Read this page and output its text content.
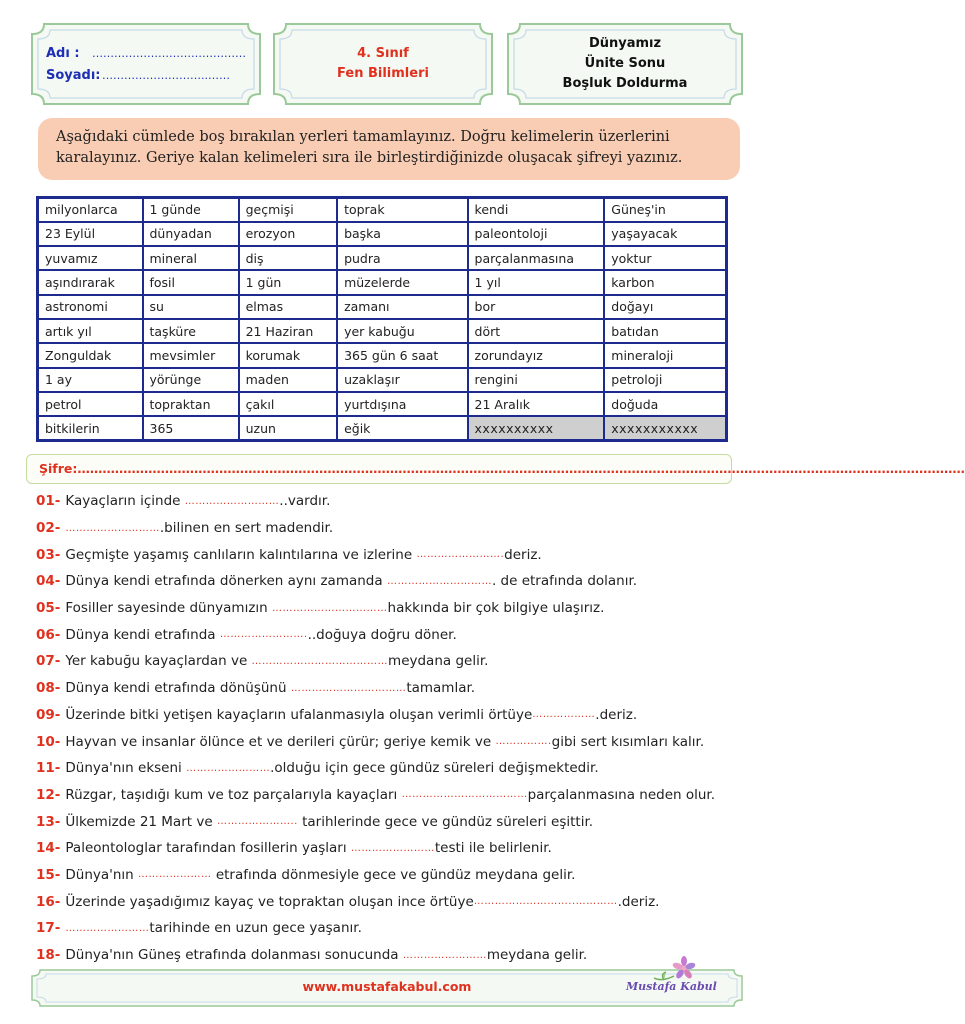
Adı :	……………………………………
Soyadı: ………………………..……
4. Sınıf
Fen Bilimleri
Dünyamız
Ünite Sonu
Boşluk Doldurma
Aşağıdaki cümlede boş bırakılan yerleri tamamlayınız. Doğru kelimelerin üzerlerini karalayınız. Geriye kalan kelimeleri sıra ile birleştirdiğinizde oluşacak şifreyi yazınız.
milyonlarca	1 günde	geçmişi	toprak	kendi	Güneş'in
23 Eylül	dünyadan	erozyon	başka	paleontoloji	yaşayacak
yuvamız	mineral	diş	pudra	parçalanmasına	yoktur
aşındırarak	fosil	1 gün	müzelerde	1 yıl	karbon
astronomi	su	elmas	zamanı	bor	doğayı
artık yıl	taşküre	21 Haziran	yer kabuğu	dört	batıdan
Zonguldak	mevsimler	korumak	365 gün 6 saat	zorundayız	mineraloji
1 ay	yörünge	maden	uzaklaşır	rengini	petroloji
petrol	topraktan	çakıl	yurtdışına	21 Aralık	doğuda
bitkilerin	365	uzun	eğik	xxxxxxxxxx	xxxxxxxxxxx
Şifre:……………………………………………………………………………………………………………………………………………………………………………………………
01- Kayaçların içinde ……………………… ..vardır.
02- ……………………… .bilinen en sert madendir.
03- Geçmişte yaşamış canlıların kalıntılarına ve izlerine ……………………. deriz.
04- Dünya kendi etrafında dönerken aynı zamanda ………………………… . de etrafında dolanır.
05- Fosiller sayesinde dünyamızın …………………………… hakkında bir çok bilgiye ulaşırız.
06- Dünya kendi etrafında ……………………. ..doğuya doğru döner.
07- Yer kabuğu kayaçlardan ve ………………………………… meydana gelir.
08- Dünya kendi etrafında dönüşünü …………………………… tamamlar.
09- Üzerinde bitki yetişen kayaçların ufalanmasıyla oluşan verimli örtüye ……………… .deriz.
10- Hayvan ve insanlar ölünce et ve derileri çürür; geriye kemik ve ……………. gibi sert kısımları kalır.
11- Dünya'nın ekseni …………………… .olduğu için gece gündüz süreleri değişmektedir.
12- Rüzgar, taşıdığı kum ve toz parçalarıyla kayaçları ……………………………… parçalanmasına neden olur.
13- Ülkemizde 21 Mart ve ………………….. tarihlerinde gece ve gündüz süreleri eşittir.
14- Paleontologlar tarafından fosillerin yaşları …………………… testi ile belirlenir.
15- Dünya'nın ………………… etrafında dönmesiyle gece ve gündüz meydana gelir.
16- Üzerinde yaşadığımız kayaç ve topraktan oluşan ince örtüye ………………………..………… .deriz.
17- …………………… tarihinde en uzun gece yaşanır.
18- Dünya'nın Güneş etrafında dolanması sonucunda …………………… meydana gelir.
www.mustafakabul.com	Mustafa Kabul
